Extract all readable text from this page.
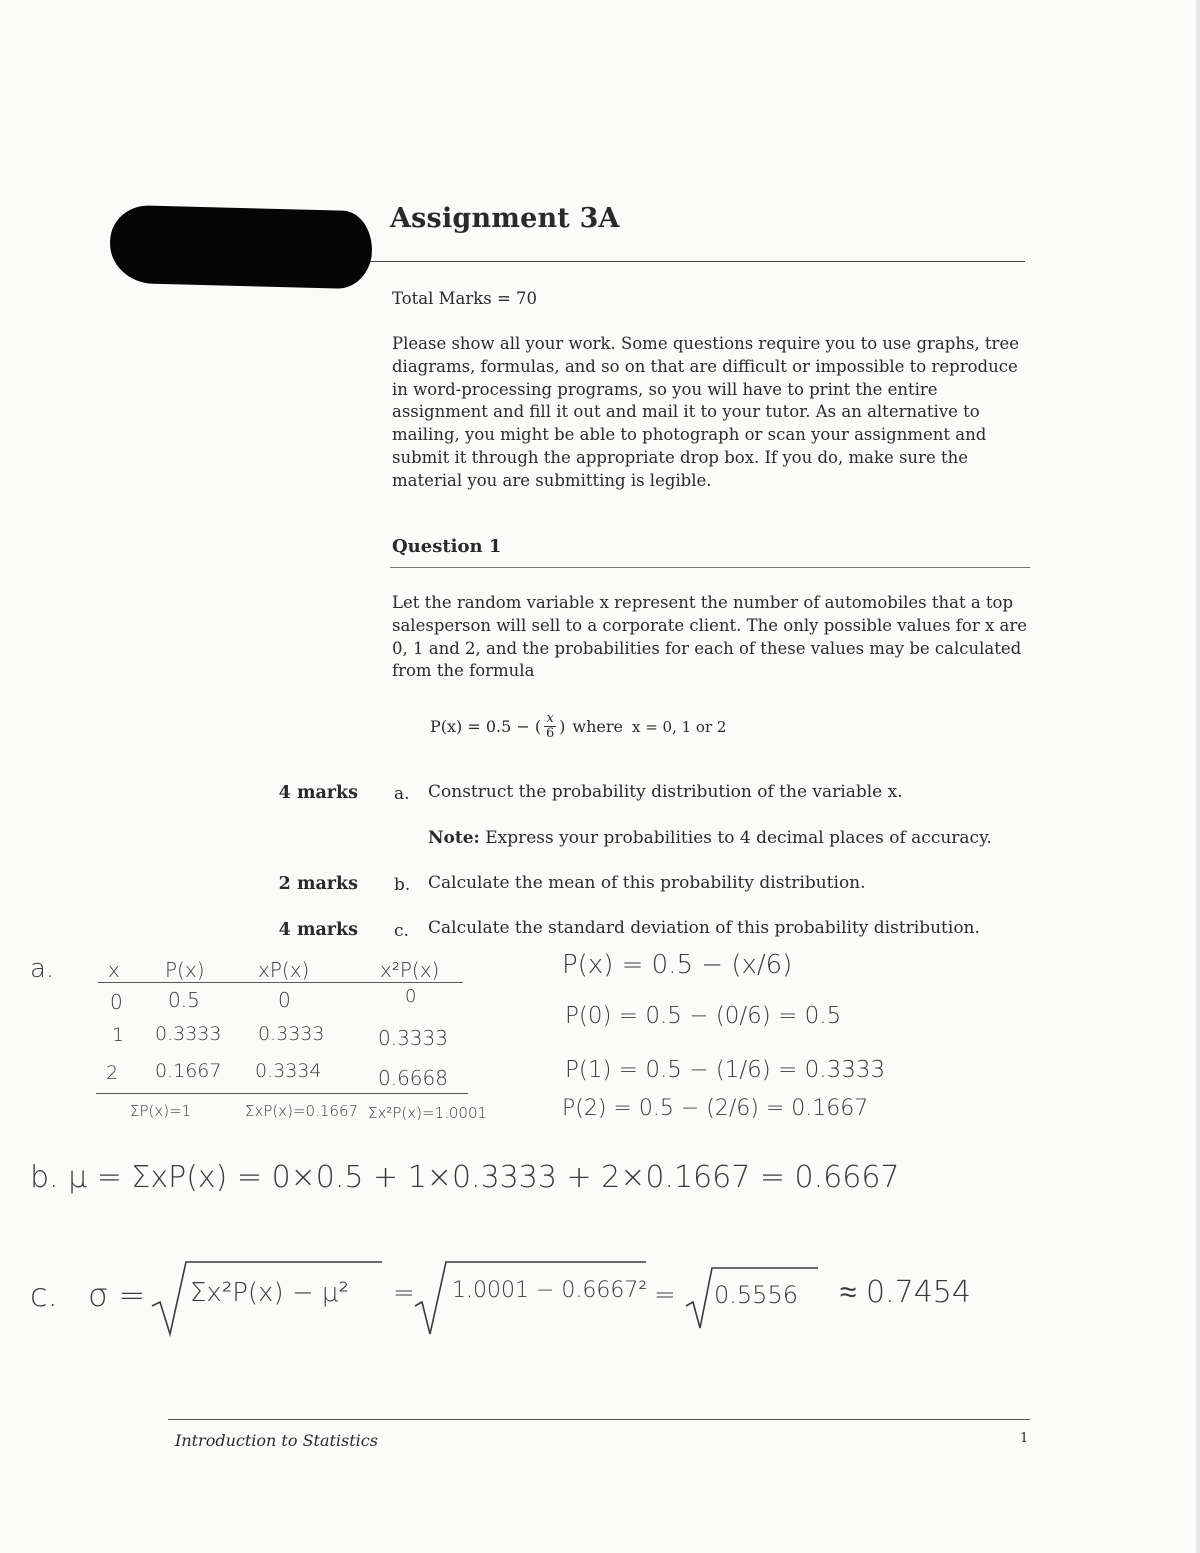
Assignment 3A
Total Marks = 70
Please show all your work. Some questions require you to use graphs, tree diagrams, formulas, and so on that are difficult or impossible to reproduce in word-processing programs, so you will have to print the entire assignment and fill it out and mail it to your tutor. As an alternative to mailing, you might be able to photograph or scan your assignment and submit it through the appropriate drop box. If you do, make sure the material you are submitting is legible.
Question 1
Let the random variable x represent the number of automobiles that a top salesperson will sell to a corporate client. The only possible values for x are 0, 1 and 2, and the probabilities for each of these values may be calculated from the formula
P(x) = 0.5 − ( $\frac{x}{6}$ ) where x = 0, 1 or 2
4 marks a. Construct the probability distribution of the variable x.
Note: Express your probabilities to 4 decimal places of accuracy.
2 marks b. Calculate the mean of this probability distribution.
4 marks c. Calculate the standard deviation of this probability distribution.
a.	x P(x)	xP(x)	x²P(x)
0 0.5	0	0
1 0.3333 0.3333	0.3333
2 0.1667 0.3334	0.6668
ΣP(x)=1	ΣxP(x)=0.1667 Σx²P(x)=1.0001
P(x) = 0.5 − (x/6)
P(0) = 0.5 − (0/6) = 0.5
P(1) = 0.5 − (1/6) = 0.3333
P(2) = 0.5 − (2/6) = 0.1667
b. μ = ΣxP(x) = 0×0.5 + 1×0.3333 + 2×0.1667 = 0.6667
c. σ = Σx²P(x) − μ² = 1.0001 − 0.6667² = 0.5556 ≈ 0.7454
Introduction to Statistics	1
